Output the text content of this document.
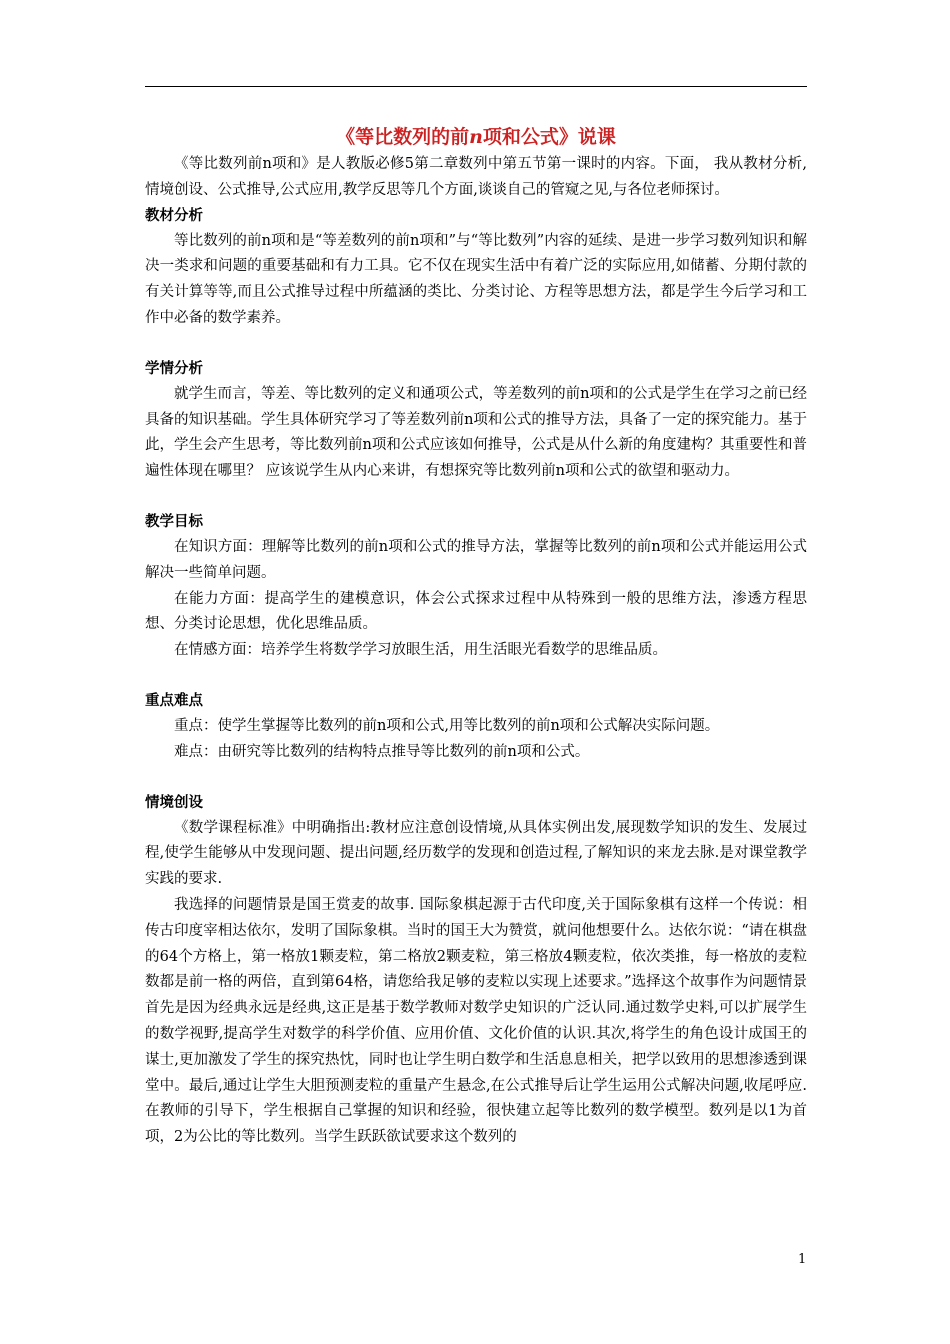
《等比数列的前n项和公式》说课

《等比数列前n项和》是人教版必修5第二章数列中第五节第一课时的内容。下面， 我从教材分析,情境创设、公式推导,公式应用,教学反思等几个方面,谈谈自己的管窥之见,与各位老师探讨。

教材分析

等比数列的前n项和是“等差数列的前n项和”与“等比数列”内容的延续、是进一步学习数列知识和解决一类求和问题的重要基础和有力工具。它不仅在现实生活中有着广泛的实际应用,如储蓄、分期付款的有关计算等等,而且公式推导过程中所蕴涵的类比、分类讨论、方程等思想方法，都是学生今后学习和工作中必备的数学素养。

学情分析

就学生而言，等差、等比数列的定义和通项公式，等差数列的前n项和的公式是学生在学习之前已经具备的知识基础。学生具体研究学习了等差数列前n项和公式的推导方法，具备了一定的探究能力。基于此，学生会产生思考，等比数列前n项和公式应该如何推导，公式是从什么新的角度建构？其重要性和普遍性体现在哪里？ 应该说学生从内心来讲，有想探究等比数列前n项和公式的欲望和驱动力。

教学目标

在知识方面：理解等比数列的前n项和公式的推导方法，掌握等比数列的前n项和公式并能运用公式解决一些简单问题。

在能力方面：提高学生的建模意识，体会公式探求过程中从特殊到一般的思维方法，渗透方程思想、分类讨论思想，优化思维品质。

在情感方面：培养学生将数学学习放眼生活，用生活眼光看数学的思维品质。

重点难点

重点：使学生掌握等比数列的前n项和公式,用等比数列的前n项和公式解决实际问题。

难点：由研究等比数列的结构特点推导等比数列的前n项和公式。

情境创设

《数学课程标准》中明确指出:教材应注意创设情境,从具体实例出发,展现数学知识的发生、发展过程,使学生能够从中发现问题、提出问题,经历数学的发现和创造过程,了解知识的来龙去脉.是对课堂教学实践的要求.

我选择的问题情景是国王赏麦的故事. 国际象棋起源于古代印度,关于国际象棋有这样一个传说：相传古印度宰相达依尔，发明了国际象棋。当时的国王大为赞赏，就问他想要什么。达依尔说：“请在棋盘的64个方格上，第一格放1颗麦粒，第二格放2颗麦粒，第三格放4颗麦粒，依次类推，每一格放的麦粒数都是前一格的两倍，直到第64格，请您给我足够的麦粒以实现上述要求。”选择这个故事作为问题情景首先是因为经典永远是经典,这正是基于数学教师对数学史知识的广泛认同.通过数学史料,可以扩展学生的数学视野,提高学生对数学的科学价值、应用价值、文化价值的认识.其次,将学生的角色设计成国王的谋士,更加激发了学生的探究热忱，同时也让学生明白数学和生活息息相关，把学以致用的思想渗透到课堂中。最后,通过让学生大胆预测麦粒的重量产生悬念,在公式推导后让学生运用公式解决问题,收尾呼应.在教师的引导下，学生根据自己掌握的知识和经验，很快建立起等比数列的数学模型。数列是以1为首项，2为公比的等比数列。当学生跃跃欲试要求这个数列的

1
